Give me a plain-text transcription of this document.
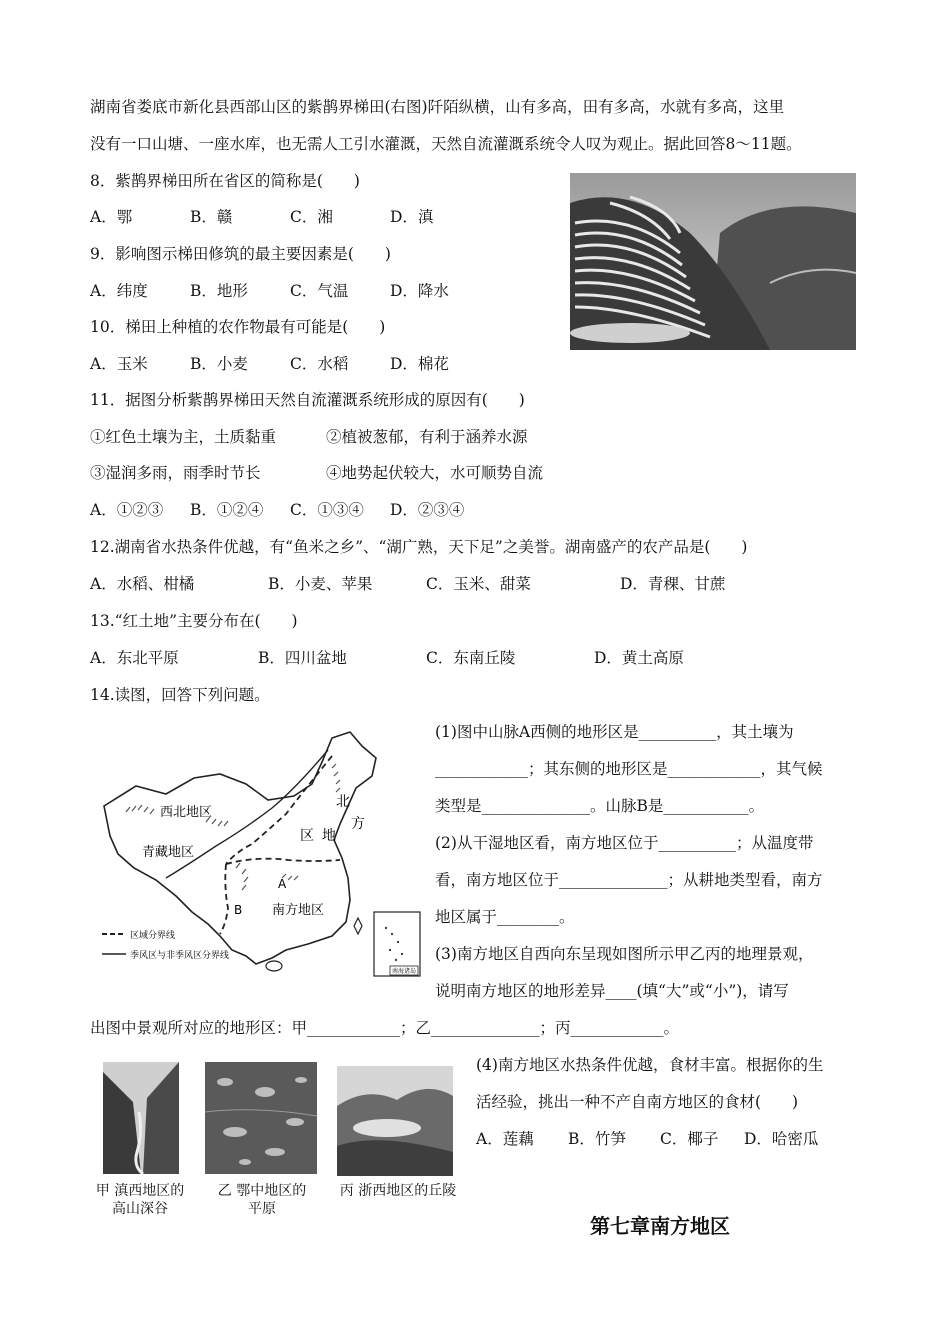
湖南省娄底市新化县西部山区的紫鹊界梯田(右图)阡陌纵横，山有多高，田有多高，水就有多高，这里
没有一口山塘、一座水库，也无需人工引水灌溉，天然自流灌溉系统令人叹为观止。据此回答8～11题。
8．紫鹊界梯田所在省区的简称是(　　)
A．鄂	B．赣	C．湘	D．滇
9．影响图示梯田修筑的最主要因素是(　　)
A．纬度	B．地形	C．气温	D．降水
10．梯田上种植的农作物最有可能是(　　)
A．玉米	B．小麦	C．水稻	D．棉花
11．据图分析紫鹊界梯田天然自流灌溉系统形成的原因有(　　)
①红色土壤为主，土质黏重	②植被葱郁，有利于涵养水源
③湿润多雨，雨季时节长	④地势起伏较大，水可顺势自流
A．①②③ B．①②④ C．①③④ D．②③④
12.湖南省水热条件优越，有“鱼米之乡”、“湖广熟，天下足”之美誉。湖南盛产的农产品是(　　)
A．水稻、柑橘	B．小麦、苹果	C．玉米、甜菜	D．青稞、甘蔗
13.“红土地”主要分布在(　　)
A．东北平原	B．四川盆地	C．东南丘陵	D．黄土高原
14.读图，回答下列问题。
西北地区
青藏地区
南方地区
北
方
地
区
A
B
区域分界线
季风区与非季风区分界线
南海诸岛
(1)图中山脉A西侧的地形区是__________，其土壤为
____________；其东侧的地形区是____________，其气候
类型是______________。山脉B是___________。
(2)从干湿地区看，南方地区位于__________；从温度带
看，南方地区位于______________；从耕地类型看，南方
地区属于________。
(3)南方地区自西向东呈现如图所示甲乙丙的地理景观，
说明南方地区的地形差异____(填“大”或“小”)，请写
出图中景观所对应的地形区：甲____________；乙______________；丙____________。
甲 滇西地区的
高山深谷
乙 鄂中地区的
平原
丙 浙西地区的丘陵
(4)南方地区水热条件优越，食材丰富。根据你的生
活经验，挑出一种不产自南方地区的食材(　　)
A．莲藕 B．竹笋 C．椰子 D．哈密瓜
第七章南方地区
